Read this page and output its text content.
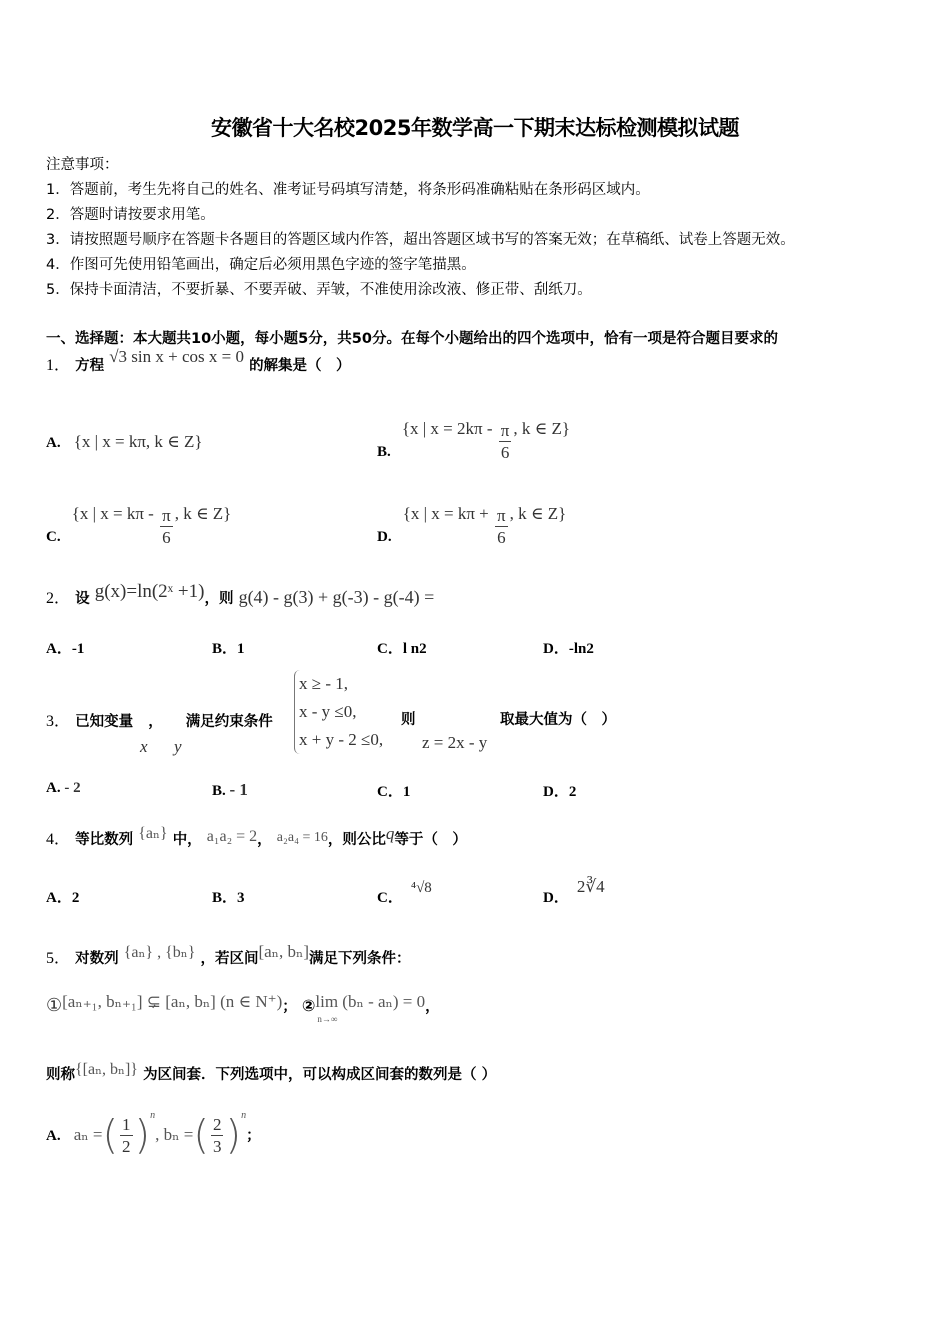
安徽省十大名校2025年数学高一下期末达标检测模拟试题
注意事项：
1．答题前，考生先将自己的姓名、准考证号码填写清楚，将条形码准确粘贴在条形码区域内。
2．答题时请按要求用笔。
3．请按照题号顺序在答题卡各题目的答题区域内作答，超出答题区域书写的答案无效；在草稿纸、试卷上答题无效。
4．作图可先使用铅笔画出，确定后必须用黑色字迹的签字笔描黑。
5．保持卡面清洁，不要折暴、不要弄破、弄皱，不准使用涂改液、修正带、刮纸刀。
一、选择题：本大题共10小题，每小题5分，共50分。在每个小题给出的四个选项中，恰有一项是符合题目要求的
1． 方程 √3 sin x + cos x = 0 的解集是（　）
A. {x | x = kπ, k ∈ Z}
B. {x | $x = 2k\pi - \frac{\pi}{6}$ , k ∈ Z}
C. {x | $x = k\pi - \frac{\pi}{6}$ , k ∈ Z}
D. {x | $x = k\pi + \frac{\pi}{6}$ , k ∈ Z}
2． 设 g(x)=ln(2ˣ +1)，则 g(4) - g(3) + g(-3) - g(-4) =
A．-1	B．1	C．l n2	D．-ln2
3． 已知变量 ， 满足约束条件
x y
x ≥ - 1,
x - y ≤0,
x + y - 2 ≤0,
则
z = 2x - y
取最大值为（　）
A. - 2	B. - 1	C．1	D．2
4． 等比数列 {aₙ} 中， a₁a₂ = 2， a₂a₄ = 16，则公比q等于（　）
A．2	B．3	C．⁴√8
D．2∛4
5． 对数列 {aₙ} , {bₙ} ，若区间[aₙ, bₙ]满足下列条件：
①[aₙ₊₁, bₙ₊₁] ⊊ [aₙ, bₙ] (n ∈ N⁺)； ②lim (bₙ - aₙ) = 0
n→∞
，
则称{[aₙ, bₙ]} 为区间套．下列选项中，可以构成区间套的数列是（ ）
A. aₙ =( $\frac{1}{2} )^n$, bₙ =( $\frac{2}{3} )^n$；
